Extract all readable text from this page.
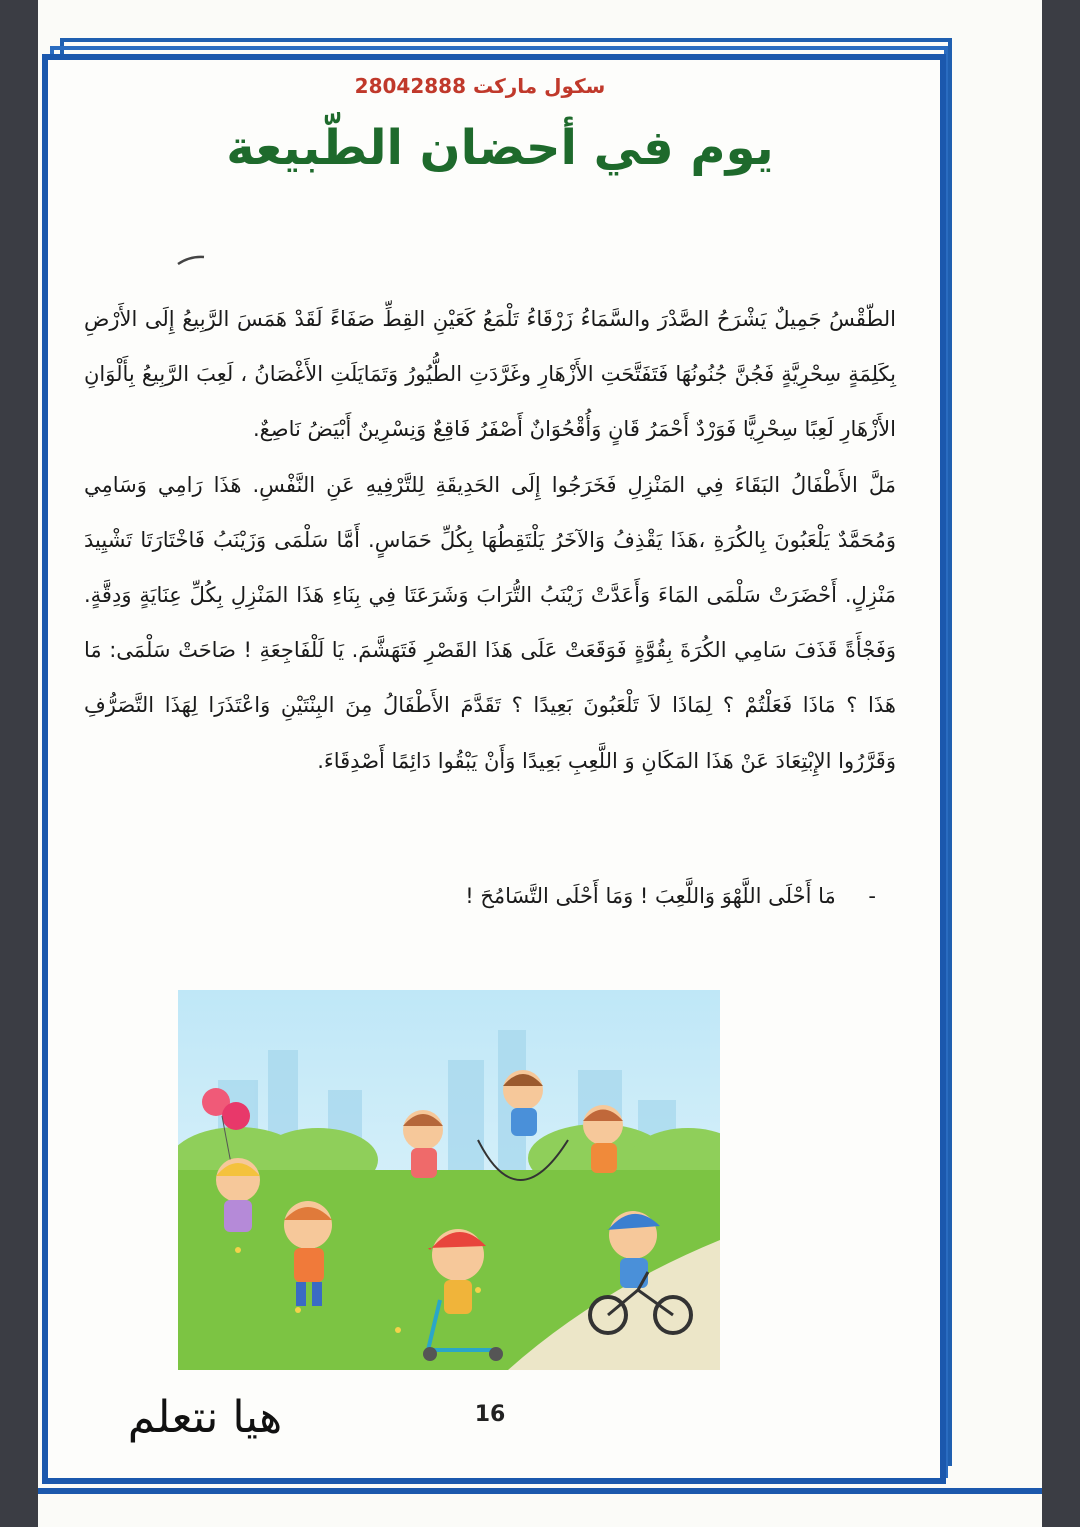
سكول ماركت 28042888
يوم في أحضان الطّبيعة

الطّقْسُ جَمِيلٌ يَشْرَحُ الصَّدْرَ والسَّمَاءُ زَرْقَاءُ تَلْمَعُ كَعَيْنِ القِطِّ صَفَاءً لَقَدْ هَمَسَ الرَّبِيعُ إِلَى الأَرْضِ بِكَلِمَةٍ سِحْرِيَّةٍ فَجُنَّ جُنُونُهَا فَتَفَتَّحَتِ الأَزْهَارِ وغَرَّدَتِ الطُّيُورُ وَتَمَايَلَتِ الأَغْصَانُ ، لَعِبَ الرَّبِيعُ بِأَلْوَانِ الأَزْهَارِ لَعِبًا سِحْرِيًّا فَوَرْدٌ أَحْمَرُ قَانٍ وَأُقْحُوَانٌ أَصْفَرُ فَاقِعٌ وَنِسْرِينٌ أَبْيَضُ نَاصِعٌ.

مَلَّ الأَطْفَالُ البَقَاءَ فِي المَنْزِلِ فَخَرَجُوا إِلَى الحَدِيقَةِ لِلتَّرْفِيهِ عَنِ النَّفْسِ. هَذَا رَامِي وَسَامِي وَمُحَمَّدٌ يَلْعَبُونَ بِالكُرَةِ ،هَذَا يَقْذِفُ وَالآخَرُ يَلْتَقِطُهَا بِكُلِّ حَمَاسٍ. أَمَّا سَلْمَى وَزَيْنَبُ فَاخْتَارَتَا تَشْيِيدَ مَنْزِلٍ. أَحْضَرَتْ سَلْمَى المَاءَ وَأَعَدَّتْ زَيْنَبُ التُّرَابَ وَشَرَعَتَا فِي بِنَاءِ هَذَا المَنْزِلِ بِكُلِّ عِنَايَةٍ وَدِقَّةٍ. وَفَجْأَةً قَذَفَ سَامِي الكُرَةَ بِقُوَّةٍ فَوَقَعَتْ عَلَى هَذَا القَصْرِ فَتَهَشَّمَ. يَا لَلْفَاجِعَةِ ! صَاحَتْ سَلْمَى: مَا هَذَا ؟ مَاذَا فَعَلْتُمْ ؟ لِمَاذَا لاَ تَلْعَبُونَ بَعِيدًا ؟ تَقَدَّمَ الأَطْفَالُ مِنَ البِنْتَيْنِ وَاعْتَذَرَا لِهَذَا التَّصَرُّفِ وَقَرَّرُوا الإِبْتِعَادَ عَنْ هَذَا المَكَانِ وَ اللَّعِبِ بَعِيدًا وَأَنْ يَبْقُوا دَائِمًا أَصْدِقَاءَ.

- مَا أَحْلَى اللَّهْوَ وَاللَّعِبَ ! وَمَا أَحْلَى التَّسَامُحَ !
16
هيا نتعلم
